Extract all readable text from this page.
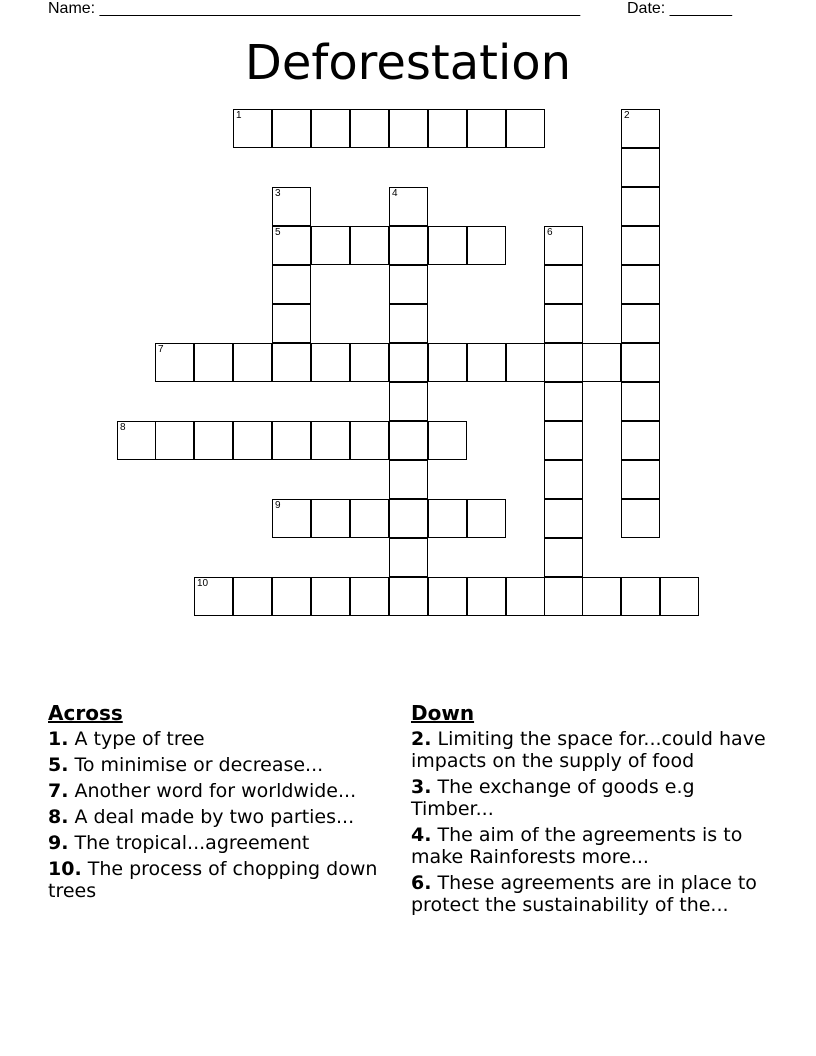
Name: ______________________________________________________	Date: _______
Deforestation
1	2
3
5
4
6
7
8
9
10
Across
1. A type of tree
5. To minimise or decrease...
7. Another word for worldwide...
8. A deal made by two parties...
9. The tropical...agreement
10. The process of chopping down trees
Down
2. Limiting the space for...could have impacts on the supply of food
3. The exchange of goods e.g Timber...
4. The aim of the agreements is to make Rainforests more...
6. These agreements are in place to protect the sustainability of the...
